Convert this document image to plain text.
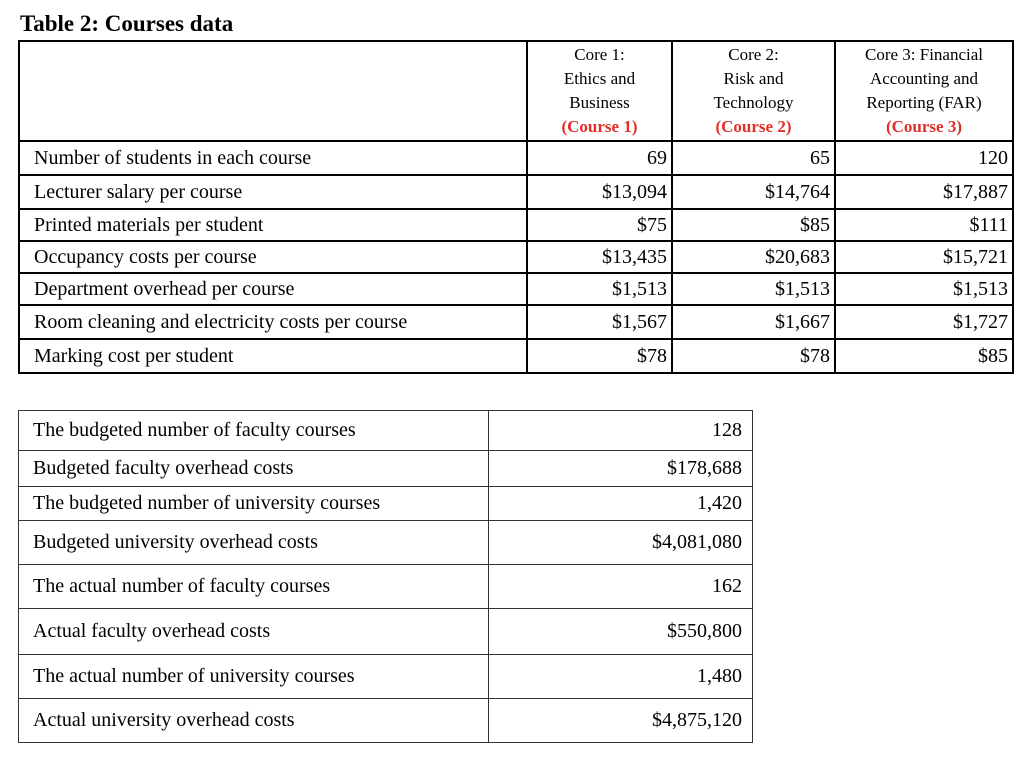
Table 2: Courses data

	Core 1:
Ethics and
Business
(Course 1)	Core 2:
Risk and
Technology
(Course 2)	Core 3: Financial
Accounting and
Reporting (FAR)
(Course 3)

Number of students in each course	69	65	120
Lecturer salary per course	$13,094	$14,764	$17,887
Printed materials per student	$75	$85	$111
Occupancy costs per course	$13,435	$20,683	$15,721
Department overhead per course	$1,513	$1,513	$1,513
Room cleaning and electricity costs per course	$1,567	$1,667	$1,727
Marking cost per student	$78	$78	$85
The budgeted number of faculty courses	128
Budgeted faculty overhead costs	$178,688
The budgeted number of university courses	1,420
Budgeted university overhead costs	$4,081,080
The actual number of faculty courses	162
Actual faculty overhead costs	$550,800
The actual number of university courses	1,480
Actual university overhead costs	$4,875,120
